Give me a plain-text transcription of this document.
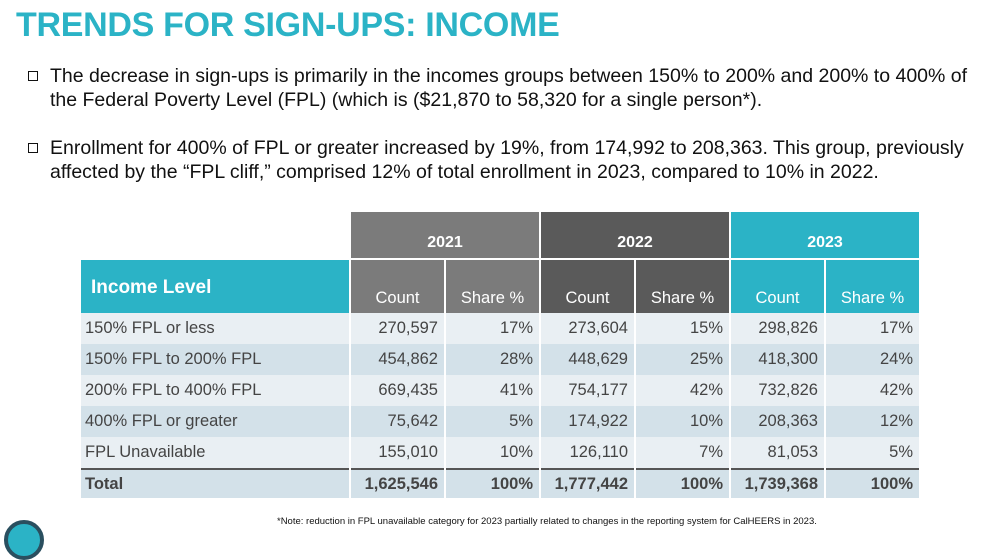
TRENDS FOR SIGN-UPS: INCOME
The decrease in sign-ups is primarily in the incomes groups between 150% to 200% and 200% to 400% of the Federal Poverty Level (FPL) (which is ($21,870 to 58,320 for a single person*).
Enrollment for 400% of FPL or greater increased by 19%, from 174,992 to 208,363. This group, previously affected by the “FPL cliff,” comprised 12% of total enrollment in 2023, compared to 10% in 2022.
	2021		2022		2023	
Income Level	Count	Share %	Count	Share %	Count	Share %
150% FPL or less	270,597	17%	273,604	15%	298,826	17%
150% FPL to 200% FPL	454,862	28%	448,629	25%	418,300	24%
200% FPL to 400% FPL	669,435	41%	754,177	42%	732,826	42%
400% FPL or greater	75,642	5%	174,922	10%	208,363	12%
FPL Unavailable	155,010	10%	126,110	7%	81,053	5%
Total	1,625,546	100%	1,777,442	100%	1,739,368	100%
*Note: reduction in FPL unavailable category for 2023 partially related to changes in the reporting system for CalHEERS in 2023.
